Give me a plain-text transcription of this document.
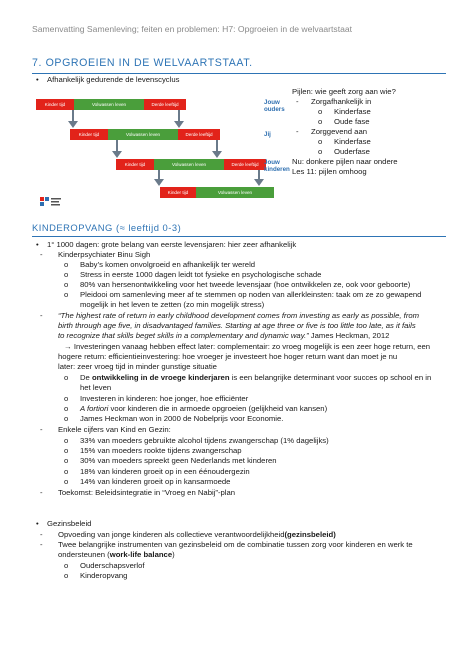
Samenvatting Samenleving; feiten en problemen: H7: Opgroeien in de welvaartstaat
7. OPGROEIEN IN DE WELVAARTSTAAT.
• Afhankelijk gedurende de levenscyclus
Kinder tijd	Volwassen leven	Derde leeftijd
Kinder tijd	Volwassen leven	Derde leeftijd
Kinder tijd	Volwassen leven	Derde leeftijd
Kinder tijd	Volwassen leven
Jouw ouders
Jij
Jouw kinderen
Pijlen: wie geeft zorg aan wie?
- Zorgafhankelijk in
o Kinderfase
o Oude fase
- Zorggevend aan
o Kinderfase
o Ouderfase
Nu: donkere pijlen naar ondere
Les 11: pijlen omhoog
KINDEROPVANG (≈ leeftijd 0-3)
• 1° 1000 dagen: grote belang van eerste levensjaren: hier zeer afhankelijk
- Kinderpsychiater Binu Sigh
o Baby’s komen onvolgroeid en afhankelijk ter wereld
o Stress in eerste 1000 dagen leidt tot fysieke en psychologische schade
o 80% van hersenontwikkeling voor het tweede levensjaar (hoe ontwikkelen ze, ook voor geboorte)
o Pleidooi om samenleving meer af te stemmen op noden van allerkleinsten: taak om ze zo gewapend
mogelijk in het leven te zetten (zo min mogelijk stress)
- “The highest rate of return in early childhood development comes from investing as early as possible, from
birth through age five, in disadvantaged families. Starting at age three or five is too little too late, as it fails
to recognize that skills beget skills in a complementary and dynamic way.” James Heckman, 2012
→ Investeringen vanaag hebben effect later: complementair: zo vroeg mogelijk is een zeer hoge return, een
hogere return: efficientieinvestering: hoe vroeger je investeert hoe hoger return want dan moet je nu
later: zeer vroeg tijd in minder gunstige situatie
o De ontwikkeling in de vroege kinderjaren is een belangrijke determinant voor succes op school en in
het leven
o Investeren in kinderen: hoe jonger, hoe efficiënter
o A fortiori voor kinderen die in armoede opgroeien (gelijkheid van kansen)
o James Heckman won in 2000 de Nobelprijs voor Economie.
- Enkele cijfers van Kind en Gezin:
o 33% van moeders gebruikte alcohol tijdens zwangerschap (1% dagelijks)
o 15% van moeders rookte tijdens zwangerschap
o 30% van moeders spreekt geen Nederlands met kinderen
o 18% van kinderen groeit op in een éénoudergezin
o 14% van kinderen groeit op in kansarmoede
- Toekomst: Beleidsintegratie in “Vroeg en Nabij”-plan
• Gezinsbeleid
- Opvoeding van jonge kinderen als collectieve verantwoordelijkheid(gezinsbeleid)
- Twee belangrijke instrumenten van gezinsbeleid om de combinatie tussen zorg voor kinderen en werk te
ondersteunen (work-life balance)
o Ouderschapsverlof
o Kinderopvang
